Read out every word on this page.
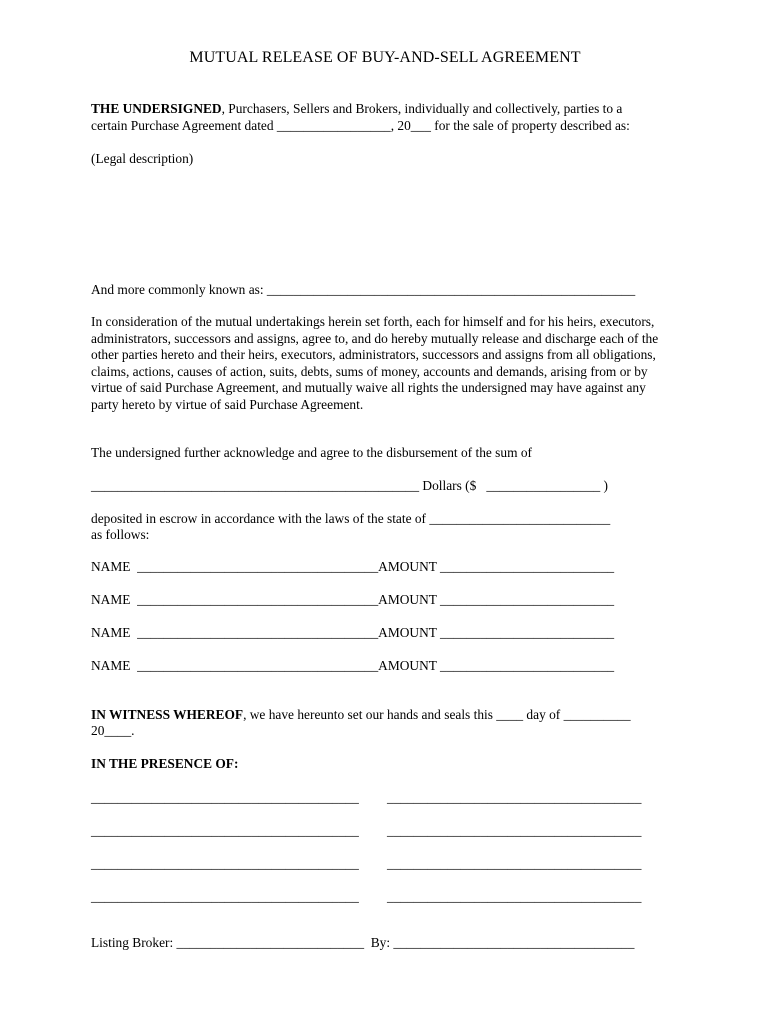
MUTUAL RELEASE OF BUY-AND-SELL AGREEMENT
THE UNDERSIGNED, Purchasers, Sellers and Brokers, individually and collectively, parties to a
certain Purchase Agreement dated _________________, 20___ for the sale of property described as:
(Legal description)
And more commonly known as: _______________________________________________________
In consideration of the mutual undertakings herein set forth, each for himself and for his heirs, executors,
administrators, successors and assigns, agree to, and do hereby mutually release and discharge each of the
other parties hereto and their heirs, executors, administrators, successors and assigns from all obligations,
claims, actions, causes of action, suits, debts, sums of money, accounts and demands, arising from or by
virtue of said Purchase Agreement, and mutually waive all rights the undersigned may have against any
party hereto by virtue of said Purchase Agreement.
The undersigned further acknowledge and agree to the disbursement of the sum of
_________________________________________________ Dollars ($   _________________ )
deposited in escrow in accordance with the laws of the state of ___________________________
as follows:
NAME  ____________________________________AMOUNT __________________________
NAME  ____________________________________AMOUNT __________________________
NAME  ____________________________________AMOUNT __________________________
NAME  ____________________________________AMOUNT __________________________
IN WITNESS WHEREOF, we have hereunto set our hands and seals this ____ day of __________
20____.
IN THE PRESENCE OF:
________________________________________ ______________________________________
________________________________________ ______________________________________
________________________________________ ______________________________________
________________________________________ ______________________________________
Listing Broker: ____________________________  By: ____________________________________
